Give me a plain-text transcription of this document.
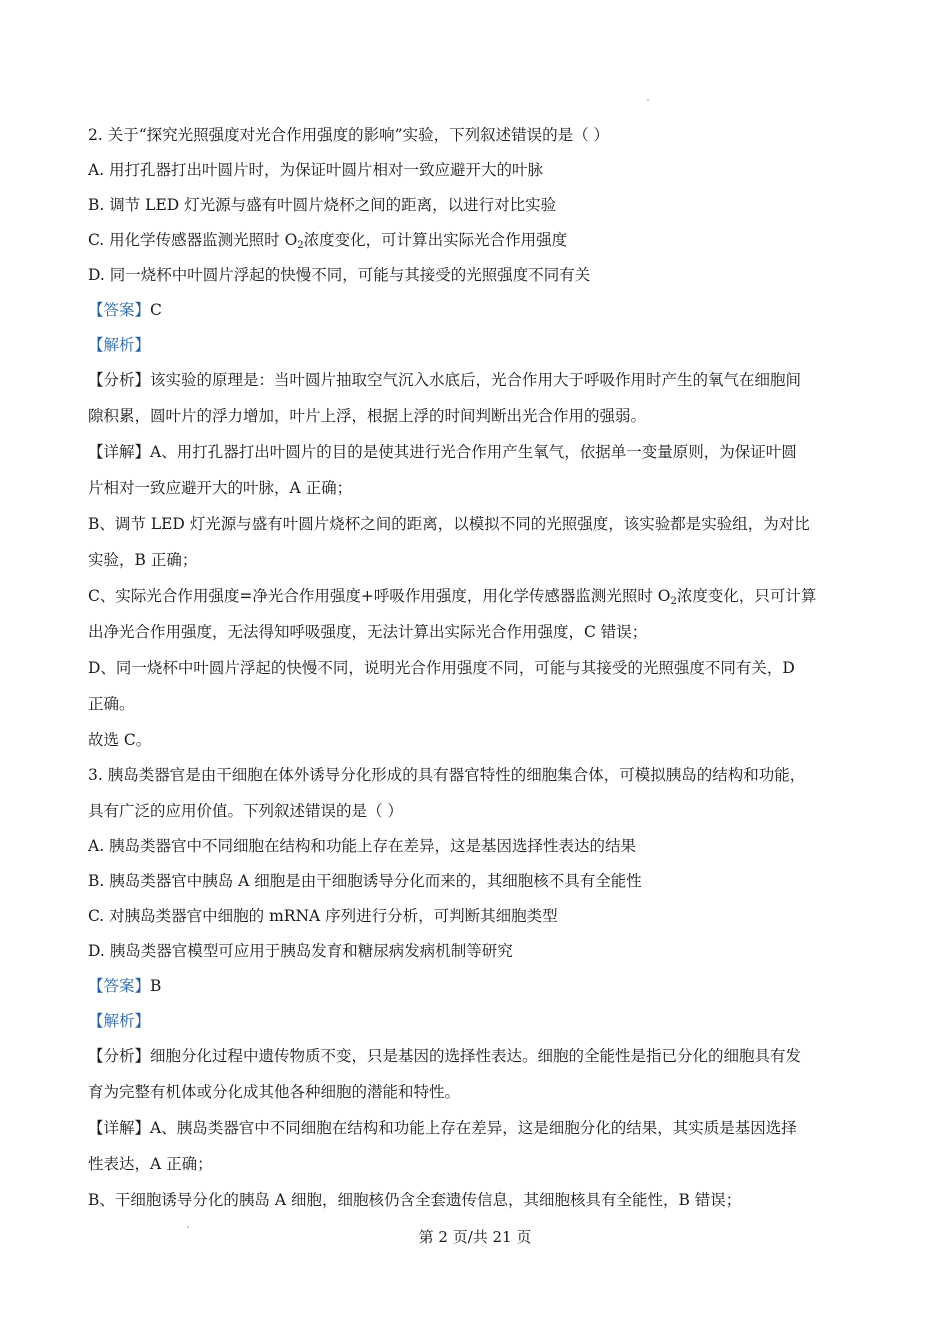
2. 关于“探究光照强度对光合作用强度的影响”实验，下列叙述错误的是（ ）
A. 用打孔器打出叶圆片时，为保证叶圆片相对一致应避开大的叶脉
B. 调节 LED 灯光源与盛有叶圆片烧杯之间的距离，以进行对比实验
C. 用化学传感器监测光照时 $O_2$浓度变化，可计算出实际光合作用强度
D. 同一烧杯中叶圆片浮起的快慢不同，可能与其接受的光照强度不同有关
【答案】C
【解析】
【分析】该实验的原理是：当叶圆片抽取空气沉入水底后，光合作用大于呼吸作用时产生的氧气在细胞间
隙积累，圆叶片的浮力增加，叶片上浮，根据上浮的时间判断出光合作用的强弱。
【详解】A、用打孔器打出叶圆片的目的是使其进行光合作用产生氧气，依据单一变量原则，为保证叶圆
片相对一致应避开大的叶脉，A 正确；
B、调节 LED 灯光源与盛有叶圆片烧杯之间的距离，以模拟不同的光照强度，该实验都是实验组，为对比
实验，B 正确；
C、实际光合作用强度=净光合作用强度+呼吸作用强度，用化学传感器监测光照时 $O_2$浓度变化，只可计算
出净光合作用强度，无法得知呼吸强度，无法计算出实际光合作用强度，C 错误；
D、同一烧杯中叶圆片浮起的快慢不同，说明光合作用强度不同，可能与其接受的光照强度不同有关，D
正确。
故选 C。
3. 胰岛类器官是由干细胞在体外诱导分化形成的具有器官特性的细胞集合体，可模拟胰岛的结构和功能，
具有广泛的应用价值。下列叙述错误的是（ ）
A. 胰岛类器官中不同细胞在结构和功能上存在差异，这是基因选择性表达的结果
B. 胰岛类器官中胰岛 A 细胞是由干细胞诱导分化而来的，其细胞核不具有全能性
C. 对胰岛类器官中细胞的 mRNA 序列进行分析，可判断其细胞类型
D. 胰岛类器官模型可应用于胰岛发育和糖尿病发病机制等研究
【答案】B
【解析】
【分析】细胞分化过程中遗传物质不变，只是基因的选择性表达。细胞的全能性是指已分化的细胞具有发
育为完整有机体或分化成其他各种细胞的潜能和特性。
【详解】A、胰岛类器官中不同细胞在结构和功能上存在差异，这是细胞分化的结果，其实质是基因选择
性表达，A 正确；
B、干细胞诱导分化的胰岛 A 细胞，细胞核仍含全套遗传信息，其细胞核具有全能性，B 错误；
第 2 页/共 21 页
